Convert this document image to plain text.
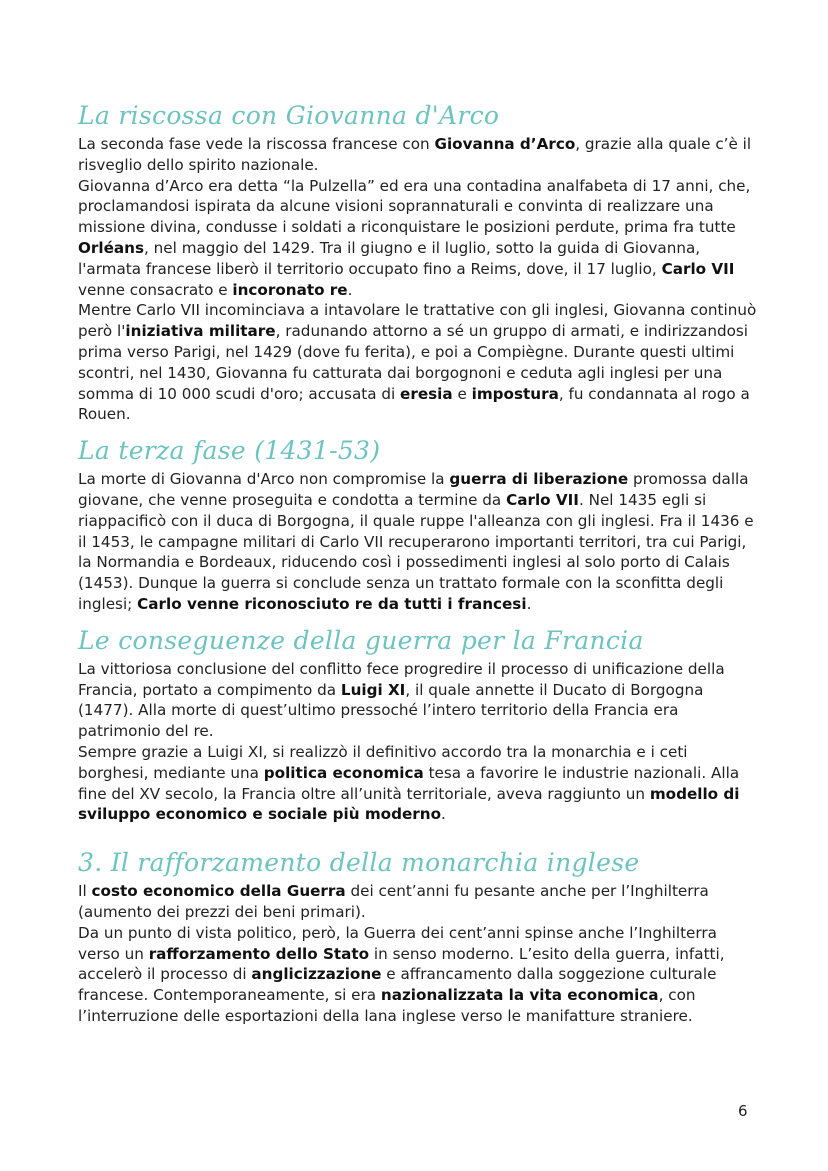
La riscossa con Giovanna d'Arco

La seconda fase vede la riscossa francese con Giovanna d’Arco, grazie alla quale c’è il risveglio dello spirito nazionale.

Giovanna d’Arco era detta “la Pulzella” ed era una contadina analfabeta di 17 anni, che, proclamandosi ispirata da alcune visioni soprannaturali e convinta di realizzare una missione divina, condusse i soldati a riconquistare le posizioni perdute, prima fra tutte Orléans, nel maggio del 1429. Tra il giugno e il luglio, sotto la guida di Giovanna, l'armata francese liberò il territorio occupato fino a Reims, dove, il 17 luglio, Carlo VII venne consacrato e incoronato re.

Mentre Carlo VII incominciava a intavolare le trattative con gli inglesi, Giovanna continuò però l'iniziativa militare, radunando attorno a sé un gruppo di armati, e indirizzandosi prima verso Parigi, nel 1429 (dove fu ferita), e poi a Compiègne. Durante questi ultimi scontri, nel 1430, Giovanna fu catturata dai borgognoni e ceduta agli inglesi per una somma di 10 000 scudi d'oro; accusata di eresia e impostura, fu condannata al rogo a Rouen.

La terza fase (1431-53)

La morte di Giovanna d'Arco non compromise la guerra di liberazione promossa dalla giovane, che venne proseguita e condotta a termine da Carlo VII. Nel 1435 egli si riappacificò con il duca di Borgogna, il quale ruppe l'alleanza con gli inglesi. Fra il 1436 e il 1453, le campagne militari di Carlo VII recuperarono importanti territori, tra cui Parigi, la Normandia e Bordeaux, riducendo così i possedimenti inglesi al solo porto di Calais (1453). Dunque la guerra si conclude senza un trattato formale con la sconfitta degli inglesi; Carlo venne riconosciuto re da tutti i francesi.

Le conseguenze della guerra per la Francia

La vittoriosa conclusione del conflitto fece progredire il processo di unificazione della Francia, portato a compimento da Luigi XI, il quale annette il Ducato di Borgogna (1477). Alla morte di quest’ultimo pressoché l’intero territorio della Francia era patrimonio del re.

Sempre grazie a Luigi XI, si realizzò il definitivo accordo tra la monarchia e i ceti borghesi, mediante una politica economica tesa a favorire le industrie nazionali. Alla fine del XV secolo, la Francia oltre all’unità territoriale, aveva raggiunto un modello di sviluppo economico e sociale più moderno.

3. Il rafforzamento della monarchia inglese

Il costo economico della Guerra dei cent’anni fu pesante anche per l’Inghilterra (aumento dei prezzi dei beni primari).

Da un punto di vista politico, però, la Guerra dei cent’anni spinse anche l’Inghilterra verso un rafforzamento dello Stato in senso moderno. L’esito della guerra, infatti, accelerò il processo di anglicizzazione e affrancamento dalla soggezione culturale francese. Contemporaneamente, si era nazionalizzata la vita economica, con l’interruzione delle esportazioni della lana inglese verso le manifatture straniere.

6
